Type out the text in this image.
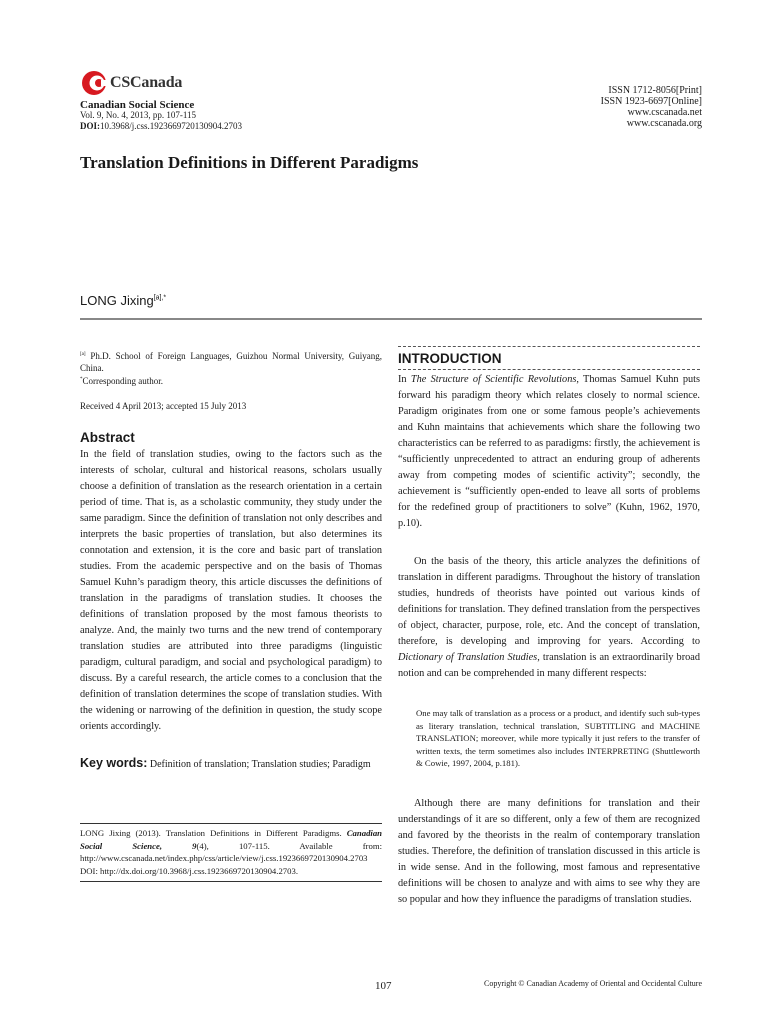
CSCanada
Canadian Social Science
Vol. 9, No. 4, 2013, pp. 107-115
DOI:10.3968/j.css.1923669720130904.2703
ISSN 1712-8056[Print]
ISSN 1923-6697[Online]
www.cscanada.net
www.cscanada.org
Translation Definitions in Different Paradigms
LONG Jixing$^{[a],*}$
[a] Ph.D. School of Foreign Languages, Guizhou Normal University, Guiyang, China.
*Corresponding author.
Received 4 April 2013; accepted 15 July 2013
Abstract
In the field of translation studies, owing to the factors such as the interests of scholar, cultural and historical reasons, scholars usually choose a definition of translation as the research orientation in a certain period of time. That is, as a scholastic community, they study under the same paradigm. Since the definition of translation not only describes and interprets the basic properties of translation, but also determines its connotation and extension, it is the core and basic part of translation studies. From the academic perspective and on the basis of Thomas Samuel Kuhn’s paradigm theory, this article discusses the definitions of translation in the paradigms of translation studies. It chooses the definitions of translation proposed by the most famous theorists to analyze. And, the mainly two turns and the new trend of contemporary translation studies are attributed into three paradigms (linguistic paradigm, cultural paradigm, and social and psychological paradigm) to discuss. By a careful research, the article comes to a conclusion that the definition of translation determines the scope of translation studies. With the widening or narrowing of the definition in question, the study scope orients accordingly.
Key words: Definition of translation; Translation studies; Paradigm
LONG Jixing (2013). Translation Definitions in Different Paradigms. Canadian Social Science, 9(4), 107-115. Available from: http://www.cscanada.net/index.php/css/article/view/j.css.1923669720130904.2703
DOI: http://dx.doi.org/10.3968/j.css.1923669720130904.2703.
INTRODUCTION
In The Structure of Scientific Revolutions, Thomas Samuel Kuhn puts forward his paradigm theory which relates closely to normal science. Paradigm originates from one or some famous people’s achievements and Kuhn maintains that achievements which share the following two characteristics can be referred to as paradigms: firstly, the achievement is “sufficiently unprecedented to attract an enduring group of adherents away from competing modes of scientific activity”; secondly, the achievement is “sufficiently open-ended to leave all sorts of problems for the redefined group of practitioners to solve” (Kuhn, 1962, 1970, p.10).
On the basis of the theory, this article analyzes the definitions of translation in different paradigms. Throughout the history of translation studies, hundreds of theorists have pointed out various kinds of definitions for translation. They defined translation from the perspectives of object, character, purpose, role, etc. And the concept of translation, therefore, is developing and improving for years. According to Dictionary of Translation Studies, translation is an extraordinarily broad notion and can be comprehended in many different respects:
One may talk of translation as a process or a product, and identify such sub-types as literary translation, technical translation, SUBTITLING and MACHINE TRANSLATION; moreover, while more typically it just refers to the transfer of written texts, the term sometimes also includes INTERPRETING (Shuttleworth & Cowie, 1997, 2004, p.181).
Although there are many definitions for translation and their understandings of it are so different, only a few of them are recognized and favored by the theorists in the realm of contemporary translation studies. Therefore, the definition of translation discussed in this article is in wide sense. And in the following, most famous and representative definitions will be chosen to analyze and with aims to see why they are so popular and how they influence the paradigms of translation studies.
107	Copyright © Canadian Academy of Oriental and Occidental Culture
